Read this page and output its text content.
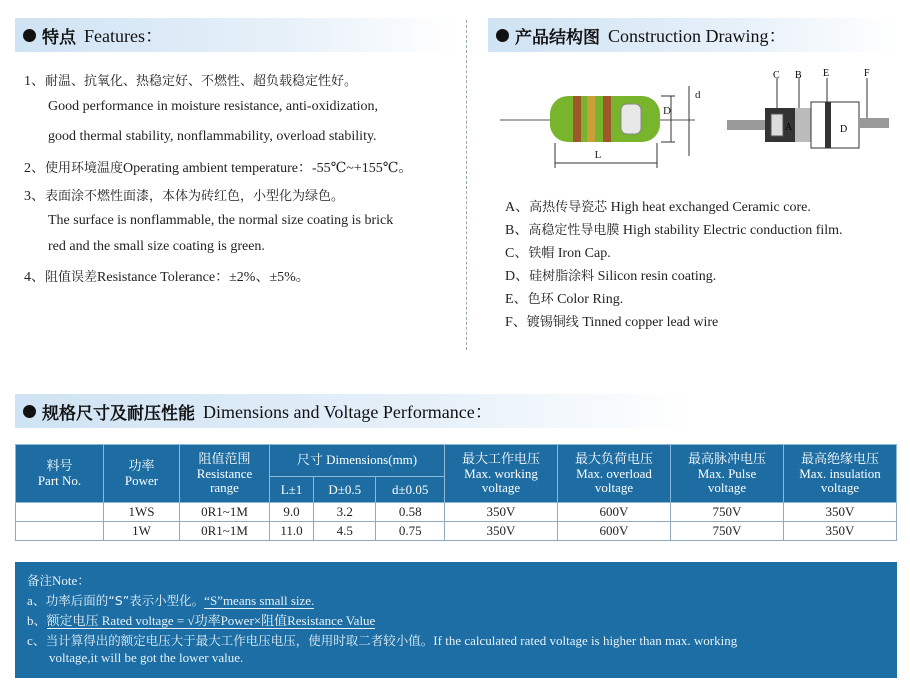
特点 Features：
1、耐温、抗氧化、热稳定好、不燃性、超负载稳定性好。
Good performance in moisture resistance, anti-oxidization,
good thermal stability, nonflammability, overload stability.
2、使用环境温度Operating ambient temperature：-55℃~+155℃。
3、表面涂不燃性面漆，本体为砖红色，小型化为绿色。
The surface is nonflammable, the normal size coating is brick
red and the small size coating is green.
4、阻值误差Resistance Tolerance：±2%、±5%。
产品结构图 Construction Drawing：
L
D
d
C B E	F
A	D
A、高热传导瓷芯 High heat exchanged Ceramic core.
B、高稳定性导电膜 High stability Electric conduction film.
C、铁帽 Iron Cap.
D、硅树脂涂料 Silicon resin coating.
E、色环 Color Ring.
F、镀锡铜线 Tinned copper lead wire
规格尺寸及耐压性能 Dimensions and Voltage Performance：
料号
Part No.	功率
Power	阻值范围
Resistance
range	尺寸 Dimensions(mm)			最大工作电压
Max. working
voltage	最大负荷电压
Max. overload
voltage	最高脉冲电压
Max. Pulse
voltage	最高绝缘电压
Max. insulation
voltage
			L±1	D±0.5	d±0.05				
	1WS	0R1~1M	9.0	3.2	0.58	350V	600V	750V	350V
	1W	0R1~1M	11.0	4.5	0.75	350V	600V	750V	350V
备注Note：
a、功率后面的“S”表示小型化。“S”means small size.
b、额定电压 Rated voltage = √功率Power×阻值Resistance Value
c、当计算得出的额定电压大于最大工作电压电压，使用时取二者较小值。If the calculated rated voltage is higher than max. working
voltage,it will be got the lower value.
